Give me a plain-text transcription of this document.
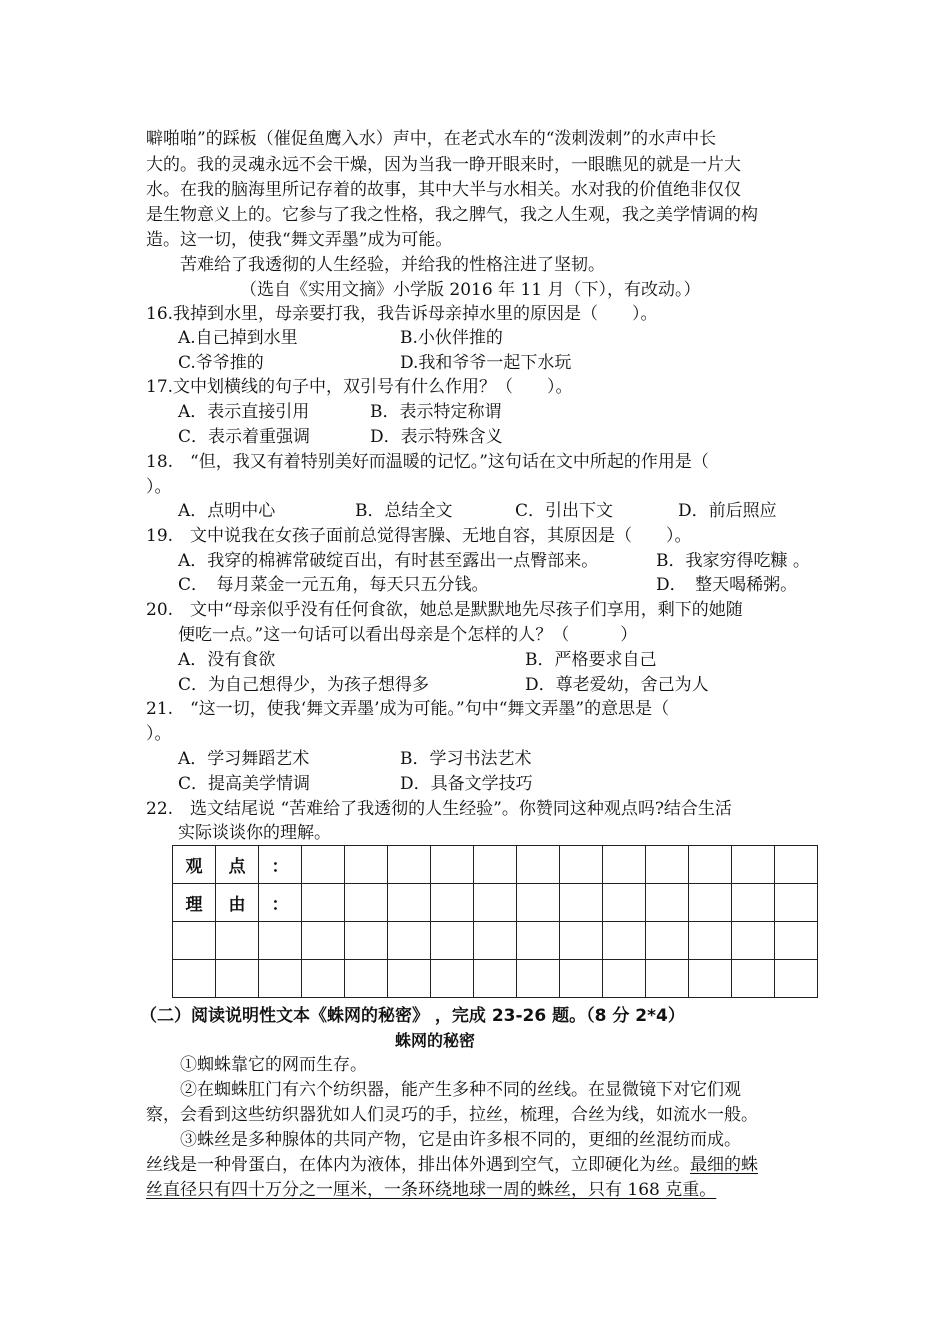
噼啪啪”的踩板（催促鱼鹰入水）声中，在老式水车的“泼刺泼刺”的水声中长
大的。我的灵魂永远不会干燥，因为当我一睁开眼来时，一眼瞧见的就是一片大
水。在我的脑海里所记存着的故事，其中大半与水相关。水对我的价值绝非仅仅
是生物意义上的。它参与了我之性格，我之脾气，我之人生观，我之美学情调的构
造。这一切，使我“舞文弄墨”成为可能。
苦难给了我透彻的人生经验，并给我的性格注进了坚韧。
（选自《实用文摘》小学版 2016 年 11 月（下），有改动。）
16.我掉到水里，母亲要打我，我告诉母亲掉水里的原因是（　　）。
A.自己掉到水里	B.小伙伴推的
C.爷爷推的	D.我和爷爷一起下水玩
17.文中划横线的句子中，双引号有什么作用？（　　）。
A．表示直接引用	B．表示特定称谓
C．表示着重强调	D．表示特殊含义
18.　“但，我又有着特别美好而温暖的记忆。”这句话在文中所起的作用是（
）。
A．点明中心	B．总结全文	C．引出下文	D．前后照应
19.　文中说我在女孩子面前总觉得害臊、无地自容，其原因是（　　）。
A．我穿的棉裤常破绽百出，有时甚至露出一点臀部来。	B．我家穷得吃糠 。
C．　每月菜金一元五角，每天只五分钱。	D．　整天喝稀粥。
20.　文中“母亲似乎没有任何食欲，她总是默默地先尽孩子们享用，剩下的她随
便吃一点。”这一句话可以看出母亲是个怎样的人？（　　　）
A．没有食欲	B．严格要求自己
C．为自己想得少，为孩子想得多	D．尊老爱幼，舍己为人
21.　“这一切，使我‘舞文弄墨’成为可能。”句中“舞文弄墨”的意思是（
）。
A．学习舞蹈艺术	B．学习书法艺术
C．提高美学情调	D．具备文学技巧
22.　选文结尾说 “苦难给了我透彻的人生经验”。你赞同这种观点吗?结合生活
实际谈谈你的理解。
观	点	：												
理	由	：												

（二）阅读说明性文本《蛛网的秘密》 ，完成 23-26 题。（8 分 2*4）
蛛网的秘密
①蜘蛛靠它的网而生存。
②在蜘蛛肛门有六个纺织器，能产生多种不同的丝线。在显微镜下对它们观
察，会看到这些纺织器犹如人们灵巧的手，拉丝，梳理，合丝为线，如流水一般。
③蛛丝是多种腺体的共同产物，它是由许多根不同的，更细的丝混纺而成。
丝线是一种骨蛋白，在体内为液体，排出体外遇到空气，立即硬化为丝。最细的蛛
丝直径只有四十万分之一厘米，一条环绕地球一周的蛛丝，只有 168 克重。
